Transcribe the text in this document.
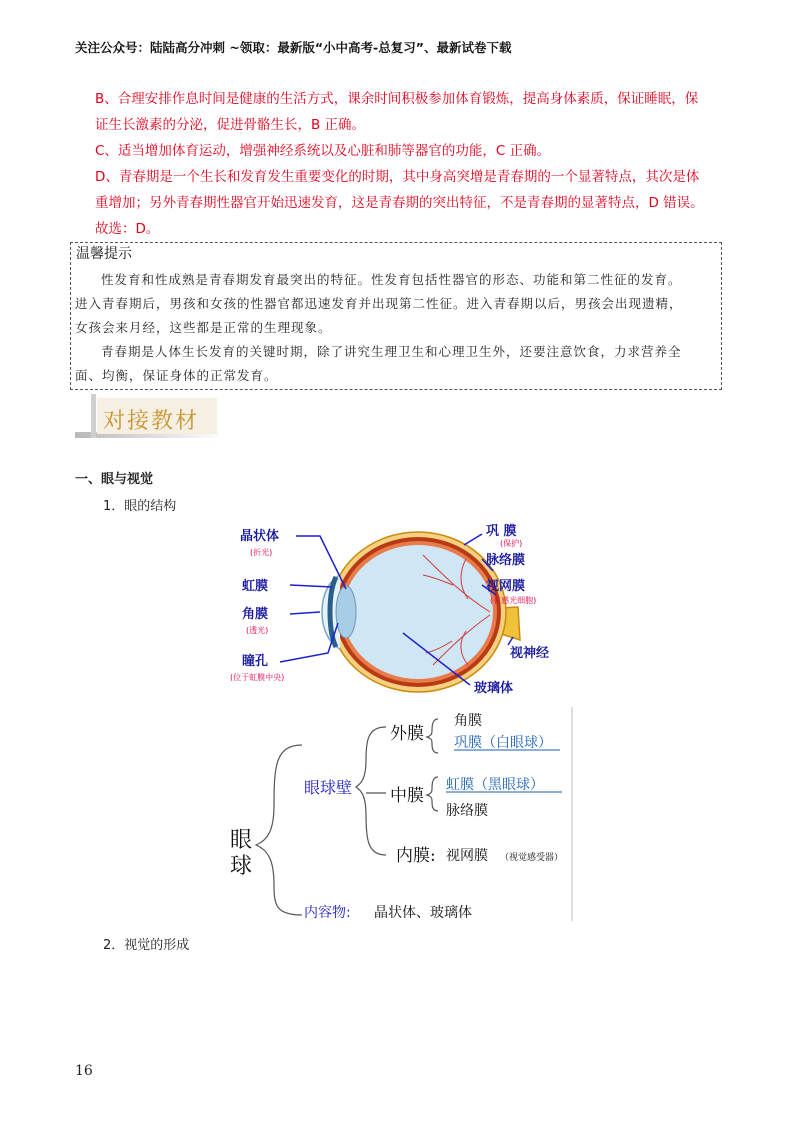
关注公众号：陆陆高分冲刺 ~领取：最新版“小中高考-总复习”、最新试卷下载

B、合理安排作息时间是健康的生活方式，课余时间积极参加体育锻炼，提高身体素质，保证睡眠，保

证生长激素的分泌，促进骨骼生长，B 正确。

C、适当增加体育运动，增强神经系统以及心脏和肺等器官的功能，C 正确。

D、青春期是一个生长和发育发生重要变化的时期，其中身高突增是青春期的一个显著特点，其次是体

重增加；另外青春期性器官开始迅速发育，这是青春期的突出特征，不是青春期的显著特点，D 错误。

故选：D。

温馨提示

性发育和性成熟是青春期发育最突出的特征。性发育包括性器官的形态、功能和第二性征的发育。

进入青春期后，男孩和女孩的性器官都迅速发育并出现第二性征。进入青春期以后，男孩会出现遗精，

女孩会来月经，这些都是正常的生理现象。

青春期是人体生长发育的关键时期，除了讲究生理卫生和心理卫生外，还要注意饮食，力求营养全

面、均衡，保证身体的正常发育。

对接教材
一、眼与视觉
1．眼的结构
晶状体
(折光)
虹膜
角膜
(透光)
瞳孔
(位于虹膜中央)
巩 膜
(保护)
脉络膜
视网膜
(有感光细胞)
视神经
玻璃体
眼
球
眼球壁
外膜
角膜
巩膜（白眼球）
中膜
虹膜（黑眼球）
脉络膜
内膜: 视网膜 （视觉感受器）
内容物: 晶状体、玻璃体
2．视觉的形成
16
